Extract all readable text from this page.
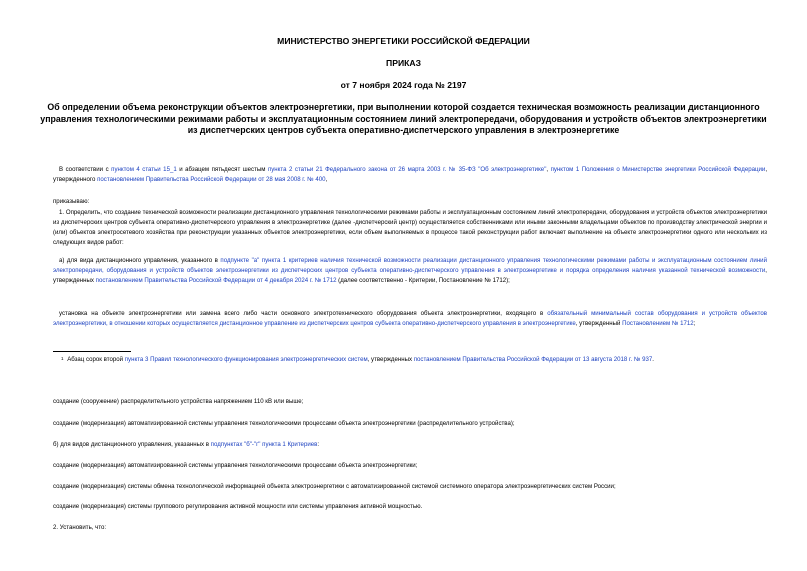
МИНИСТЕРСТВО ЭНЕРГЕТИКИ РОССИЙСКОЙ ФЕДЕРАЦИИ
ПРИКАЗ
от 7 ноября 2024 года № 2197
Об определении объема реконструкции объектов электроэнергетики, при выполнении которой создается техническая возможность реализации дистанционного управления технологическими режимами работы и эксплуатационным состоянием линий электропередачи, оборудования и устройств объектов электроэнергетики из диспетчерских центров субъекта оперативно-диспетчерского управления в электроэнергетике
В соответствии с пунктом 4 статьи 15_1 и абзацем пятьдесят шестым пункта 2 статьи 21 Федерального закона от 26 марта 2003 г. № 35-ФЗ "Об электроэнергетике", пунктом 1 Положения о Министерстве энергетики Российской Федерации, утвержденного постановлением Правительства Российской Федерации от 28 мая 2008 г. № 400,
приказываю:
1. Определить, что создание технической возможности реализации дистанционного управления технологическими режимами работы и эксплуатационным состоянием линий электропередачи, оборудования и устройств объектов электроэнергетики из диспетчерских центров субъекта оперативно-диспетчерского управления в электроэнергетике (далее -диспетчерский центр) осуществляется собственниками или иными законными владельцами объектов по производству электрической энергии и (или) объектов электросетевого хозяйства при реконструкции указанных объектов электроэнергетики, если объем выполняемых в процессе такой реконструкции работ включает выполнение на объекте электроэнергетики одного или нескольких из следующих видов работ:
а) для вида дистанционного управления, указанного в подпункте "а" пункта 1 критериев наличия технической возможности реализации дистанционного управления технологическими режимами работы и эксплуатационным состоянием линий электропередачи, оборудования и устройств объектов электроэнергетики из диспетчерских центров субъекта оперативно-диспетчерского управления в электроэнергетике и порядка определения наличия указанной технической возможности, утвержденных постановлением Правительства Российской Федерации от 4 декабря 2024 г. № 1712 (далее соответственно - Критерии, Постановление № 1712);
установка на объекте электроэнергетики или замена всего либо части основного электротехнического оборудования объекта электроэнергетики, входящего в обязательный минимальный состав оборудования и устройств объектов электроэнергетики, в отношении которых осуществляется дистанционное управление из диспетчерских центров субъекта оперативно-диспетчерского управления в электроэнергетике, утвержденный Постановлением № 1712;
$^1$ Абзац сорок второй пункта 3 Правил технологического функционирования электроэнергетических систем, утвержденных постановлением Правительства Российской Федерации от 13 августа 2018 г. № 937.
создание (сооружение) распределительного устройства напряжением 110 кВ или выше;
создание (модернизация) автоматизированной системы управления технологическими процессами объекта электроэнергетики (распределительного устройства);
б) для видов дистанционного управления, указанных в подпунктах "б"-"г" пункта 1 Критериев:
создание (модернизация) автоматизированной системы управления технологическими процессами объекта электроэнергетики;
создание (модернизация) системы обмена технологической информацией объекта электроэнергетики с автоматизированной системой системного оператора электроэнергетических систем России;
создание (модернизация) системы группового регулирования активной мощности или системы управления активной мощностью.
2. Установить, что:
